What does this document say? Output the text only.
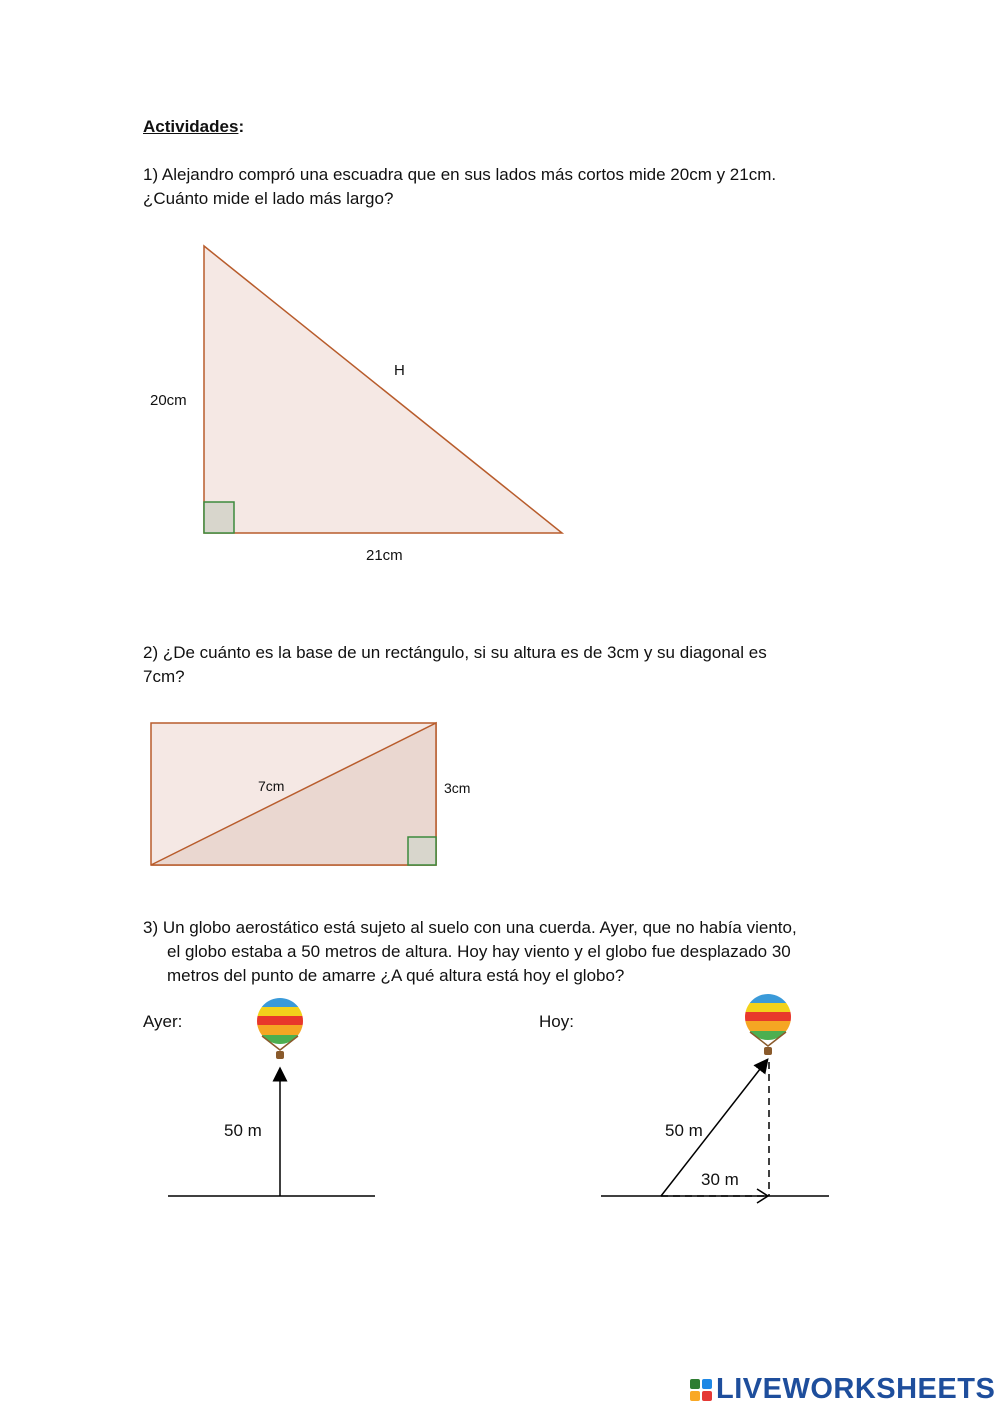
Actividades:
1) Alejandro compró una escuadra que en sus lados más cortos mide 20cm y 21cm.
¿Cuánto mide el lado más largo?
20cm
H
21cm
2) ¿De cuánto es la base de un rectángulo, si su altura es de 3cm y su diagonal es
7cm?
7cm	3cm
3) Un globo aerostático está sujeto al suelo con una cuerda. Ayer, que no había viento,
el globo estaba a 50 metros de altura. Hoy hay viento y el globo fue desplazado 30
metros del punto de amarre ¿A qué altura está hoy el globo?
Ayer:	Hoy:
50 m	50 m
30 m
LIVEWORKSHEETS
